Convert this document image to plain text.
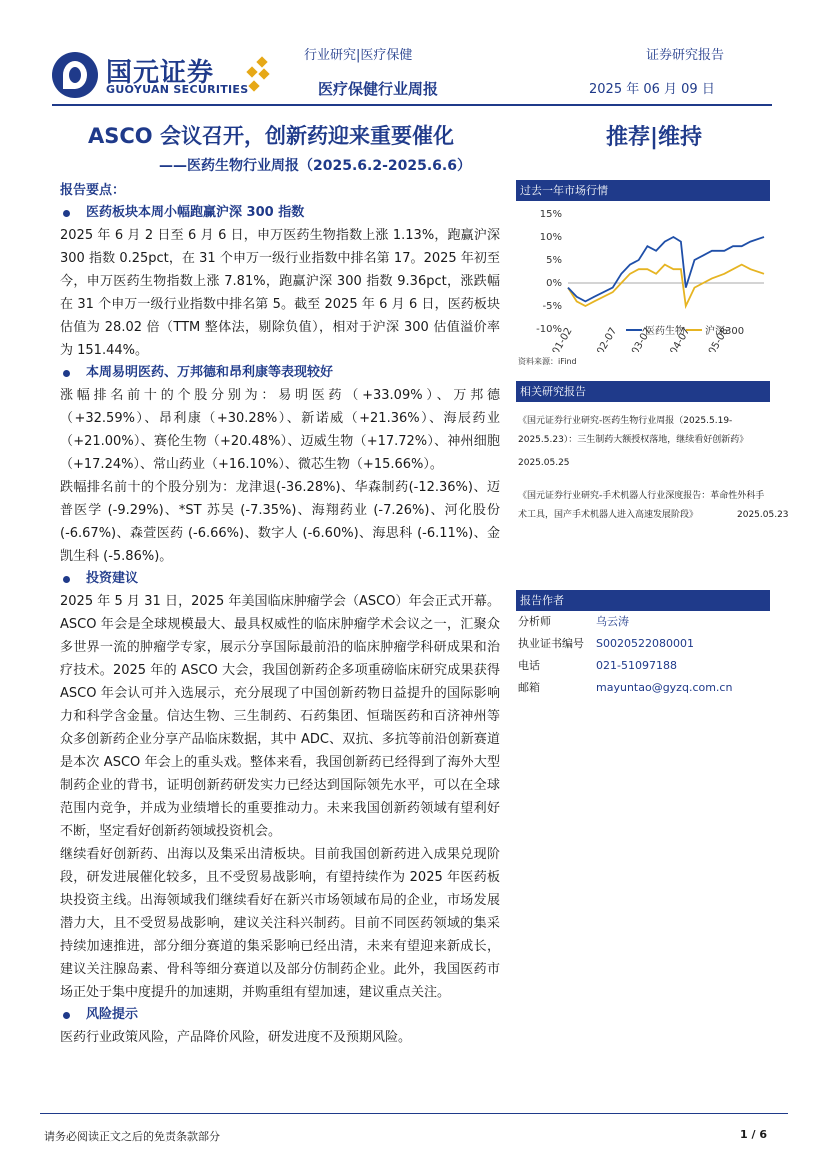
国元证券
GUOYUAN SECURITIES
行业研究|医疗保健	证券研究报告
医疗保健行业周报	2025 年 06 月 09 日
ASCO 会议召开，创新药迎来重要催化
——医药生物行业周报（2025.6.2-2025.6.6）
推荐|维持
报告要点：
医药板块本周小幅跑赢沪深 300 指数

2025 年 6 月 2 日至 6 月 6 日，申万医药生物指数上涨 1.13%，跑赢沪深 300 指数 0.25pct，在 31 个申万一级行业指数中排名第 17。2025 年初至今，申万医药生物指数上涨 7.81%，跑赢沪深 300 指数 9.36pct，涨跌幅在 31 个申万一级行业指数中排名第 5。截至 2025 年 6 月 6 日，医药板块估值为 28.02 倍（TTM 整体法，剔除负值），相对于沪深 300 估值溢价率为 151.44%。

本周易明医药、万邦德和昂利康等表现较好

涨幅排名前十的个股分别为：易明医药（+33.09%）、万邦德（+32.59%）、昂利康（+30.28%）、新诺威（+21.36%）、海辰药业（+21.00%）、赛伦生物（+20.48%）、迈威生物（+17.72%）、神州细胞（+17.24%）、常山药业（+16.10%）、微芯生物（+15.66%）。

跌幅排名前十的个股分别为：龙津退(-36.28%)、华森制药(-12.36%)、迈普医学 (-9.29%)、*ST 苏吴 (-7.35%)、海翔药业 (-7.26%)、河化股份 (-6.67%)、森萱医药 (-6.66%)、数字人 (-6.60%)、海思科 (-6.11%)、金凯生科 (-5.86%)。

投资建议

2025 年 5 月 31 日，2025 年美国临床肿瘤学会（ASCO）年会正式开幕。ASCO 年会是全球规模最大、最具权威性的临床肿瘤学术会议之一，汇聚众多世界一流的肿瘤学专家，展示分享国际最前沿的临床肿瘤学科研成果和治疗技术。2025 年的 ASCO 大会，我国创新药企多项重磅临床研究成果获得 ASCO 年会认可并入选展示，充分展现了中国创新药物日益提升的国际影响力和科学含金量。信达生物、三生制药、石药集团、恒瑞医药和百济神州等众多创新药企业分享产品临床数据，其中 ADC、双抗、多抗等前沿创新赛道是本次 ASCO 年会上的重头戏。整体来看，我国创新药已经得到了海外大型制药企业的背书，证明创新药研发实力已经达到国际领先水平，可以在全球范围内竞争，并成为业绩增长的重要推动力。未来我国创新药领域有望利好不断，坚定看好创新药领域投资机会。

继续看好创新药、出海以及集采出清板块。目前我国创新药进入成果兑现阶段，研发进展催化较多，且不受贸易战影响，有望持续作为 2025 年医药板块投资主线。出海领域我们继续看好在新兴市场领域布局的企业，市场发展潜力大，且不受贸易战影响，建议关注科兴制药。目前不同医药领域的集采持续加速推进，部分细分赛道的集采影响已经出清，未来有望迎来新成长，建议关注腺岛素、骨科等细分赛道以及部分仿制药企业。此外，我国医药市场正处于集中度提升的加速期，并购重组有望加速，建议重点关注。

风险提示

医药行业政策风险，产品降价风险，研发进度不及预期风险。

过去一年市场行情
15%
10%
5%
0%
-5%
-10%	医药生物 沪深300
资料来源：iFind
相关研究报告
《国元证券行业研究-医药生物行业周报（2025.5.19-2025.5.23）：三生制药大额授权落地，继续看好创新药》
2025.05.25
《国元证券行业研究-手术机器人行业深度报告：革命性外科手术工具，国产手术机器人进入高速发展阶段》	2025.05.23
报告作者
分析师	乌云涛
执业证书编号 S0020522080001
电话	021-51097188
邮箱	mayuntao@gyzq.com.cn
请务必阅读正文之后的免责条款部分	1 / 6
